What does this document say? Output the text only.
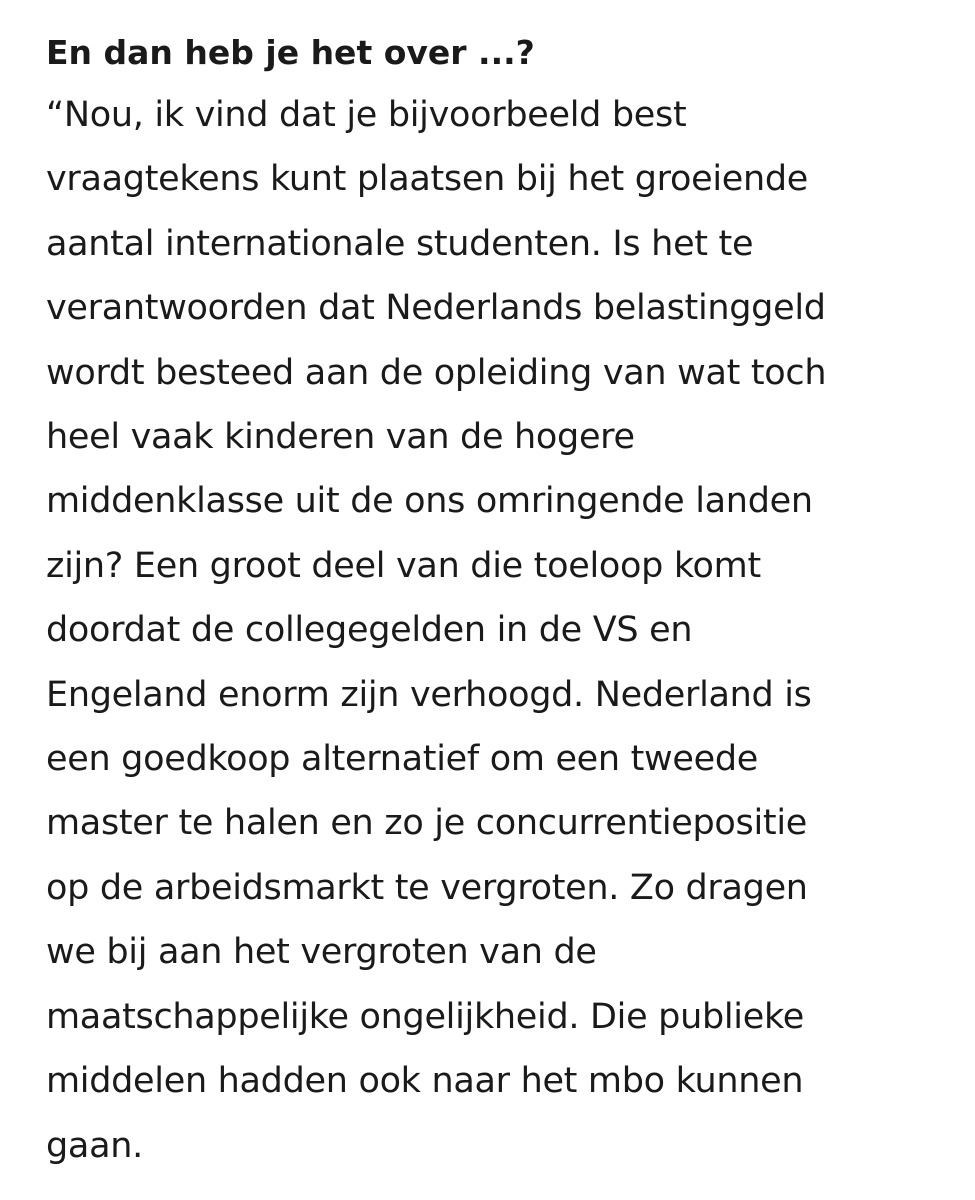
En dan heb je het over ...?
“Nou, ik vind dat je bijvoorbeeld best
vraagtekens kunt plaatsen bij het groeiende
aantal internationale studenten. Is het te
verantwoorden dat Nederlands belastinggeld
wordt besteed aan de opleiding van wat toch
heel vaak kinderen van de hogere
middenklasse uit de ons omringende landen
zijn? Een groot deel van die toeloop komt
doordat de collegegelden in de VS en
Engeland enorm zijn verhoogd. Nederland is
een goedkoop alternatief om een tweede
master te halen en zo je concurrentiepositie
op de arbeidsmarkt te vergroten. Zo dragen
we bij aan het vergroten van de
maatschappelijke ongelijkheid. Die publieke
middelen hadden ook naar het mbo kunnen
gaan.
